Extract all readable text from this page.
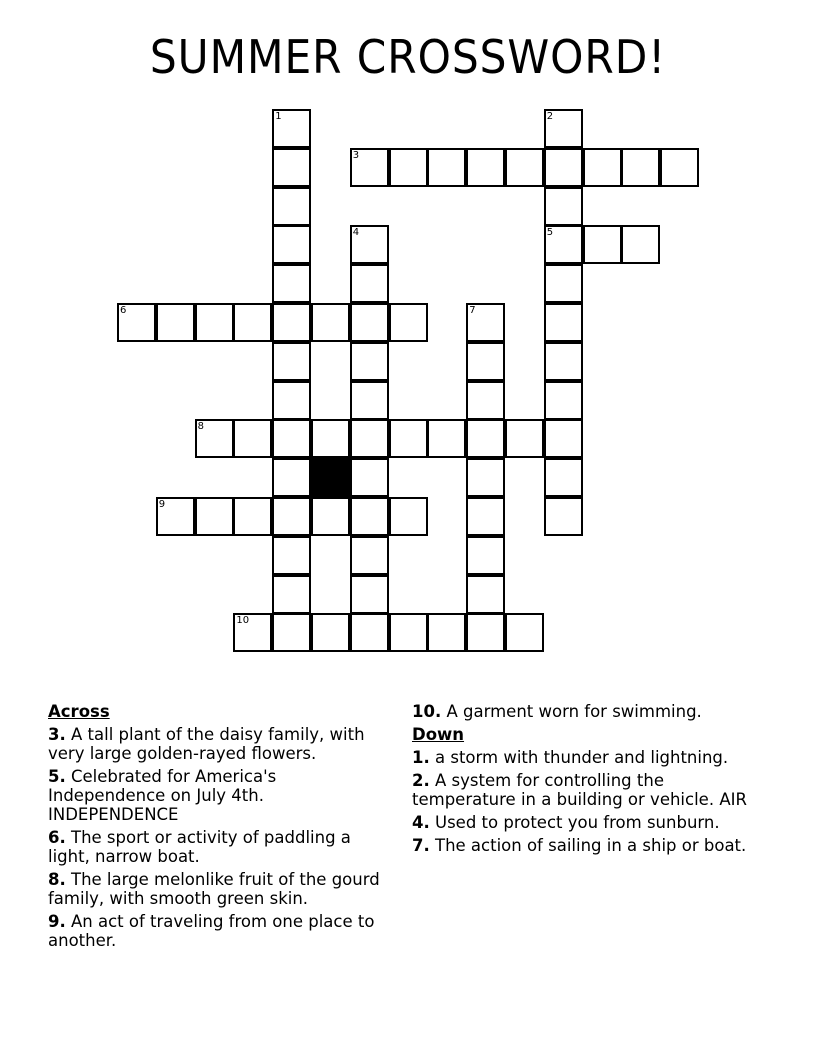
SUMMER CROSSWORD!
1	2
5
3
4
6	7
8
9
10
Across
3. A tall plant of the daisy family, with very large golden-rayed flowers.
5. Celebrated for America's Independence on July 4th. INDEPENDENCE
6. The sport or activity of paddling a light, narrow boat.
8. The large melonlike fruit of the gourd family, with smooth green skin.
9. An act of traveling from one place to another.
10. A garment worn for swimming.
Down
1. a storm with thunder and lightning.
2. A system for controlling the temperature in a building or vehicle. AIR
4. Used to protect you from sunburn.
7. The action of sailing in a ship or boat.
